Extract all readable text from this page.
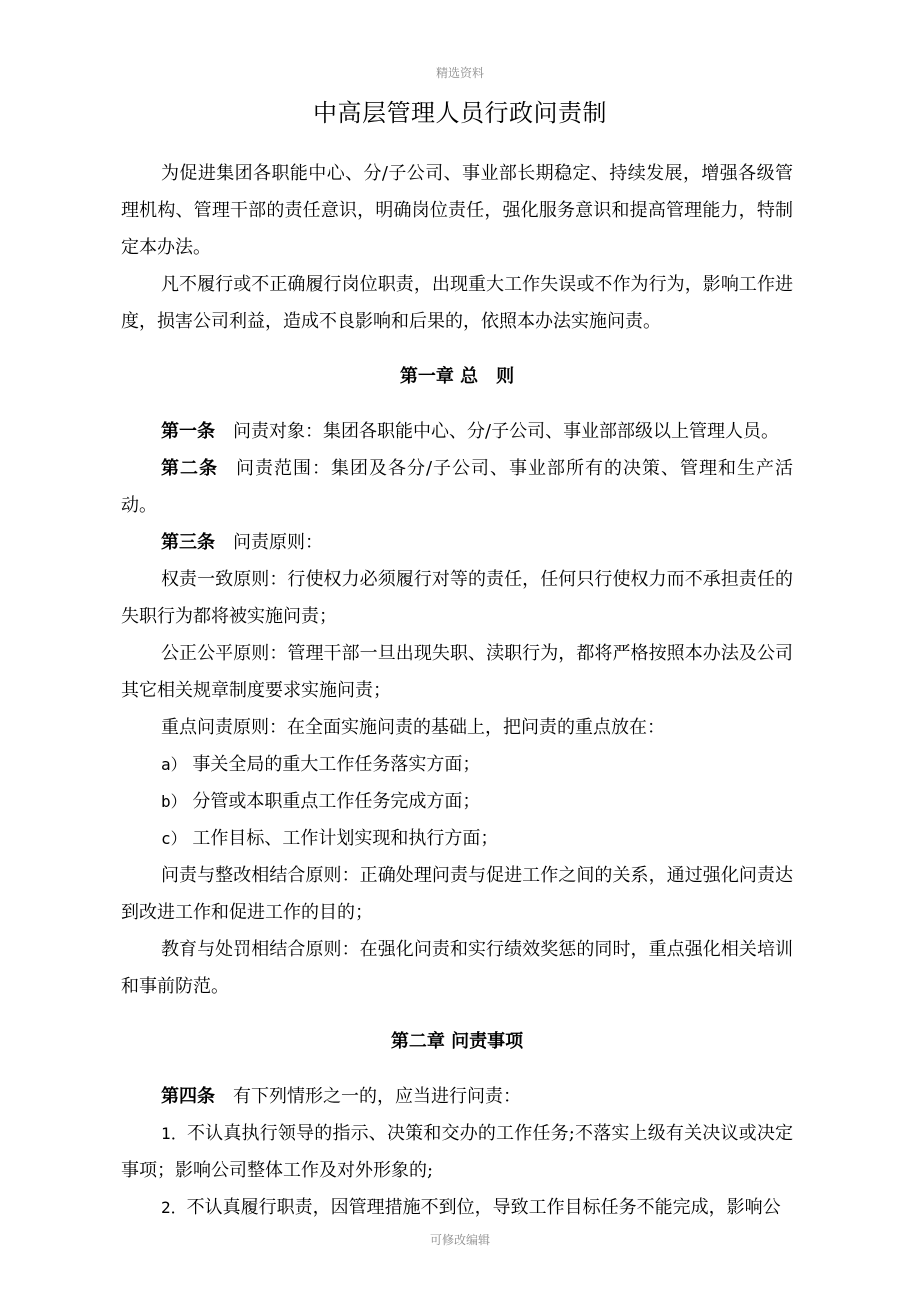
精选资料
中高层管理人员行政问责制

为促进集团各职能中心、分/子公司、事业部长期稳定、持续发展，增强各级管理机构、管理干部的责任意识，明确岗位责任，强化服务意识和提高管理能力，特制定本办法。

凡不履行或不正确履行岗位职责，出现重大工作失误或不作为行为，影响工作进度，损害公司利益，造成不良影响和后果的，依照本办法实施问责。

第一章 总　则

第一条 问责对象：集团各职能中心、分/子公司、事业部部级以上管理人员。

第二条 问责范围：集团及各分/子公司、事业部所有的决策、管理和生产活动。

第三条 问责原则：

权责一致原则：行使权力必须履行对等的责任，任何只行使权力而不承担责任的失职行为都将被实施问责；

公正公平原则：管理干部一旦出现失职、渎职行为，都将严格按照本办法及公司其它相关规章制度要求实施问责；

重点问责原则：在全面实施问责的基础上，把问责的重点放在：

a） 事关全局的重大工作任务落实方面；

b） 分管或本职重点工作任务完成方面；

c） 工作目标、工作计划实现和执行方面；

问责与整改相结合原则：正确处理问责与促进工作之间的关系，通过强化问责达到改进工作和促进工作的目的；

教育与处罚相结合原则：在强化问责和实行绩效奖惩的同时，重点强化相关培训和事前防范。

第二章 问责事项

第四条 有下列情形之一的，应当进行问责：

1．不认真执行领导的指示、决策和交办的工作任务;不落实上级有关决议或决定事项；影响公司整体工作及对外形象的;

2．不认真履行职责，因管理措施不到位，导致工作目标任务不能完成，影响公

可修改编辑
